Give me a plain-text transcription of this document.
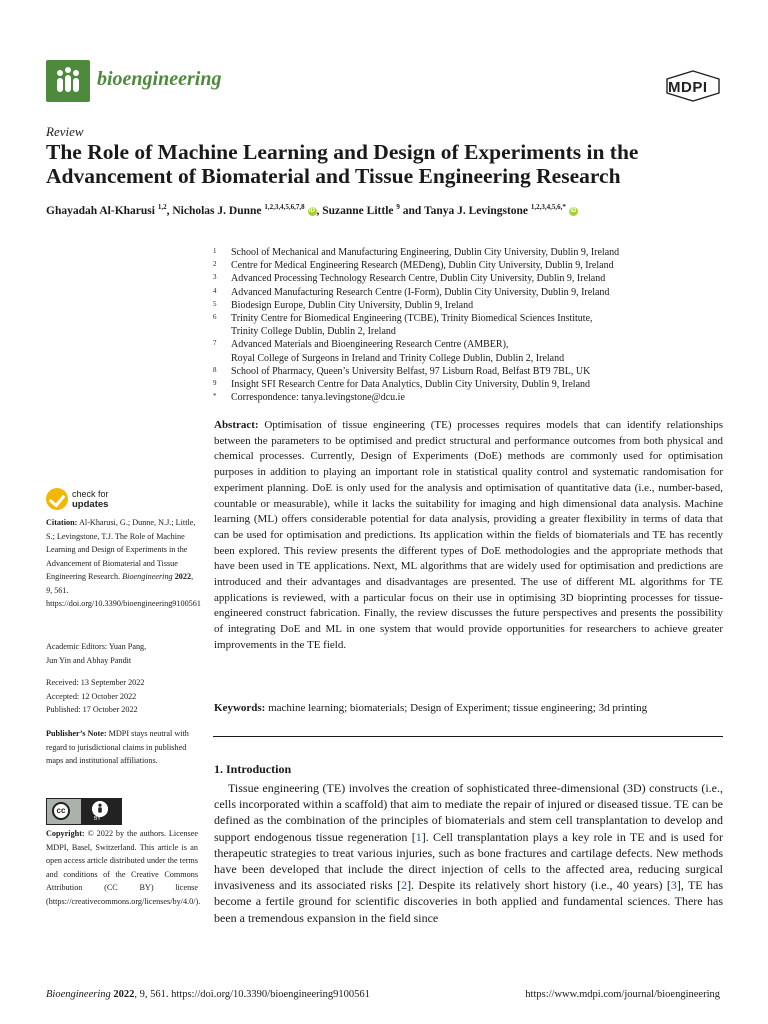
bioengineering	MDPI
Review
The Role of Machine Learning and Design of Experiments in the
Advancement of Biomaterial and Tissue Engineering Research
Ghayadah Al-Kharusi $^{1,2}$, Nicholas J. Dunne $^{1,2,3,4,5,6,7,8}$ iD , Suzanne Little $^9$ and Tanya J. Levingstone $^{1,2,3,4,5,6,*}$ iD
1	School of Mechanical and Manufacturing Engineering, Dublin City University, Dublin 9, Ireland
2	Centre for Medical Engineering Research (MEDeng), Dublin City University, Dublin 9, Ireland
3	Advanced Processing Technology Research Centre, Dublin City University, Dublin 9, Ireland
4	Advanced Manufacturing Research Centre (I-Form), Dublin City University, Dublin 9, Ireland
5	Biodesign Europe, Dublin City University, Dublin 9, Ireland
6	Trinity Centre for Biomedical Engineering (TCBE), Trinity Biomedical Sciences Institute,
Trinity College Dublin, Dublin 2, Ireland
7	Advanced Materials and Bioengineering Research Centre (AMBER),
Royal College of Surgeons in Ireland and Trinity College Dublin, Dublin 2, Ireland
8	School of Pharmacy, Queen’s University Belfast, 97 Lisburn Road, Belfast BT9 7BL, UK
9	Insight SFI Research Centre for Data Analytics, Dublin City University, Dublin 9, Ireland
*	Correspondence: tanya.levingstone@dcu.ie
Abstract: Optimisation of tissue engineering (TE) processes requires models that can identify relationships between the parameters to be optimised and predict structural and performance outcomes from both physical and chemical processes. Currently, Design of Experiments (DoE) methods are commonly used for optimisation purposes in addition to playing an important role in statistical quality control and systematic randomisation for experiment planning. DoE is only used for the analysis and optimisation of quantitative data (i.e., number-based, countable or measurable), while it lacks the suitability for imaging and high dimensional data analysis. Machine learning (ML) offers considerable potential for data analysis, providing a greater flexibility in terms of data that can be used for optimisation and predictions. Its application within the fields of biomaterials and TE has recently been explored. This review presents the different types of DoE methodologies and the appropriate methods that have been used in TE applications. Next, ML algorithms that are widely used for optimisation and predictions are introduced and their advantages and disadvantages are presented. The use of different ML algorithms for TE applications is reviewed, with a particular focus on their use in optimising 3D bioprinting processes for tissue-engineered construct fabrication. Finally, the review discusses the future perspectives and presents the possibility of integrating DoE and ML in one system that would provide opportunities for researchers to achieve greater improvements in the TE field.
Keywords: machine learning; biomaterials; Design of Experiment; tissue engineering; 3d printing
1. Introduction
Tissue engineering (TE) involves the creation of sophisticated three-dimensional (3D) constructs (i.e., cells incorporated within a scaffold) that aim to mediate the repair of injured or diseased tissue. TE can be defined as the combination of the principles of biomaterials and stem cell transplantation to develop and support endogenous tissue regeneration [1]. Cell transplantation plays a key role in TE and is used for therapeutic strategies to treat various injuries, such as bone fractures and cartilage defects. New methods have been developed that include the direct injection of cells to the affected area, reducing surgical invasiveness and its associated risks [2]. Despite its relatively short history (i.e., 40 years) [3], TE has become a fertile ground for scientific discoveries in both applied and fundamental sciences. There has been a tremendous expansion in the field since
check for
updates
Citation: Al-Kharusi, G.; Dunne, N.J.; Little, S.; Levingstone, T.J. The Role of Machine Learning and Design of Experiments in the Advancement of Biomaterial and Tissue Engineering Research. Bioengineering 2022, 9, 561. https://doi.org/10.3390/bioengineering9100561
Academic Editors: Yuan Pang,
Jun Yin and Abhay Pandit
Received: 13 September 2022
Accepted: 12 October 2022
Published: 17 October 2022
Publisher’s Note: MDPI stays neutral with regard to jurisdictional claims in published maps and institutional affiliations.
cc
BY
Copyright: © 2022 by the authors. Licensee MDPI, Basel, Switzerland. This article is an open access article distributed under the terms and conditions of the Creative Commons Attribution (CC BY) license (https://creativecommons.org/licenses/by/4.0/).
Bioengineering 2022, 9, 561. https://doi.org/10.3390/bioengineering9100561	https://www.mdpi.com/journal/bioengineering
